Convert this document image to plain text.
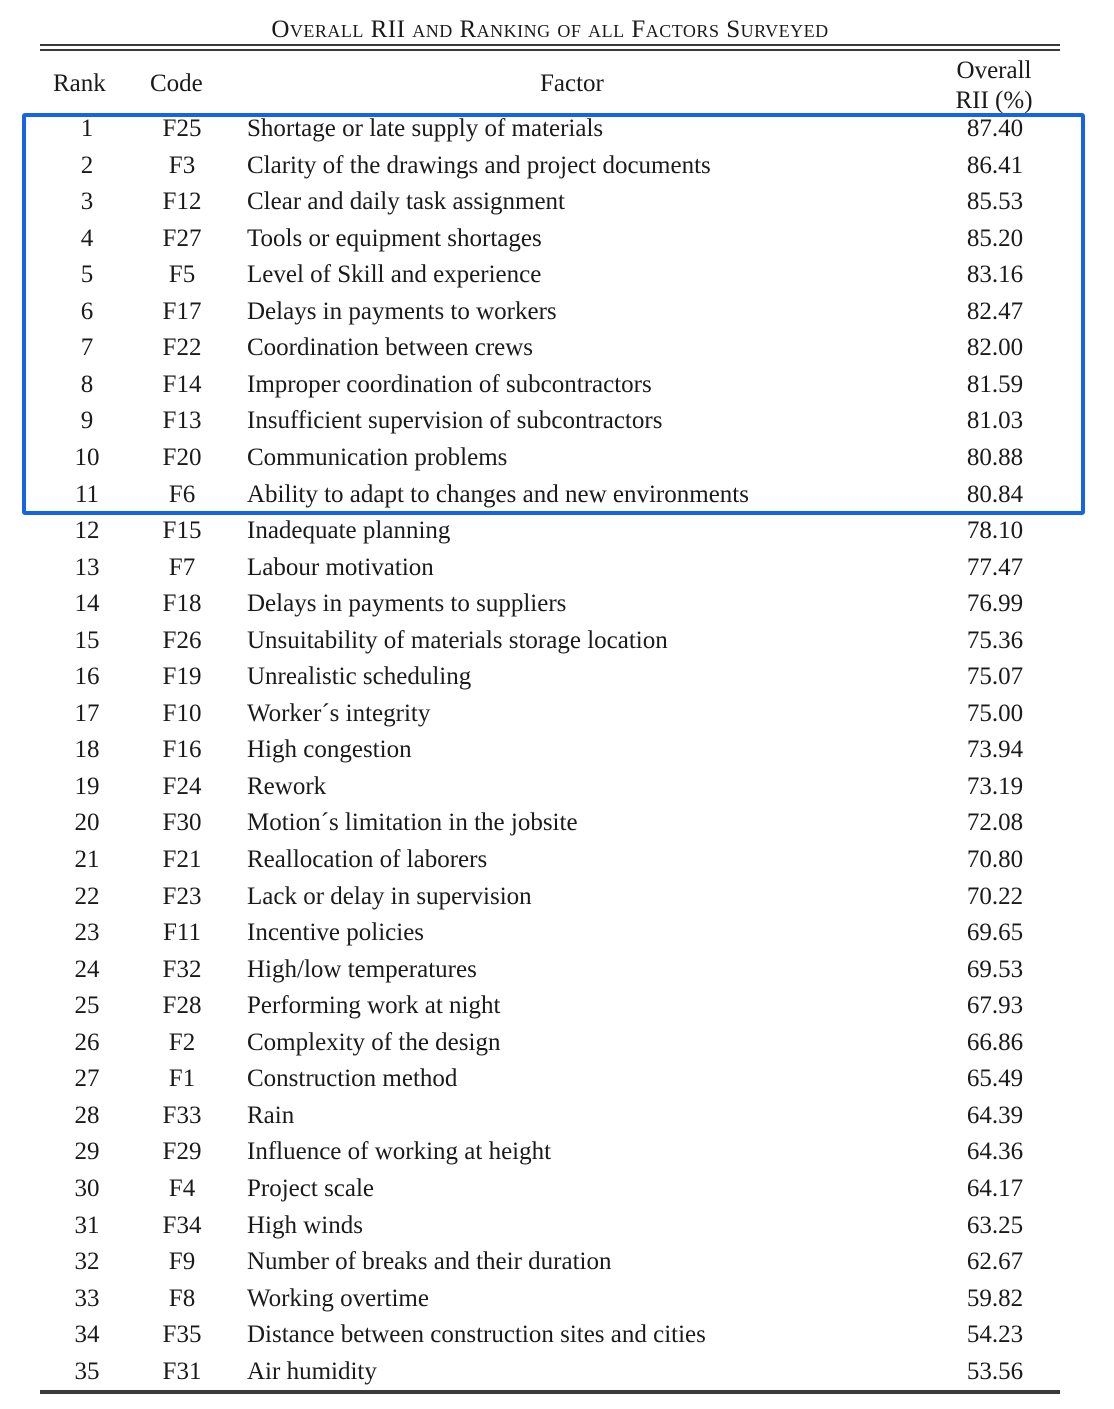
Overall RII and Ranking of all Factors Surveyed
Rank Code	Factor	Overall
RII (%)
1	F25	Shortage or late supply of materials	87.40
2	F3	Clarity of the drawings and project documents	86.41
3	F12	Clear and daily task assignment	85.53
4	F27	Tools or equipment shortages	85.20
5	F5	Level of Skill and experience	83.16
6	F17	Delays in payments to workers	82.47
7	F22	Coordination between crews	82.00
8	F14	Improper coordination of subcontractors	81.59
9	F13	Insufficient supervision of subcontractors	81.03
10	F20	Communication problems	80.88
11	F6	Ability to adapt to changes and new environments	80.84
12	F15	Inadequate planning	78.10
13	F7	Labour motivation	77.47
14	F18	Delays in payments to suppliers	76.99
15	F26	Unsuitability of materials storage location	75.36
16	F19	Unrealistic scheduling	75.07
17	F10	Worker´s integrity	75.00
18	F16	High congestion	73.94
19	F24	Rework	73.19
20	F30	Motion´s limitation in the jobsite	72.08
21	F21	Reallocation of laborers	70.80
22	F23	Lack or delay in supervision	70.22
23	F11	Incentive policies	69.65
24	F32	High/low temperatures	69.53
25	F28	Performing work at night	67.93
26	F2	Complexity of the design	66.86
27	F1	Construction method	65.49
28	F33	Rain	64.39
29	F29	Influence of working at height	64.36
30	F4	Project scale	64.17
31	F34	High winds	63.25
32	F9	Number of breaks and their duration	62.67
33	F8	Working overtime	59.82
34	F35	Distance between construction sites and cities	54.23
35	F31	Air humidity	53.56
